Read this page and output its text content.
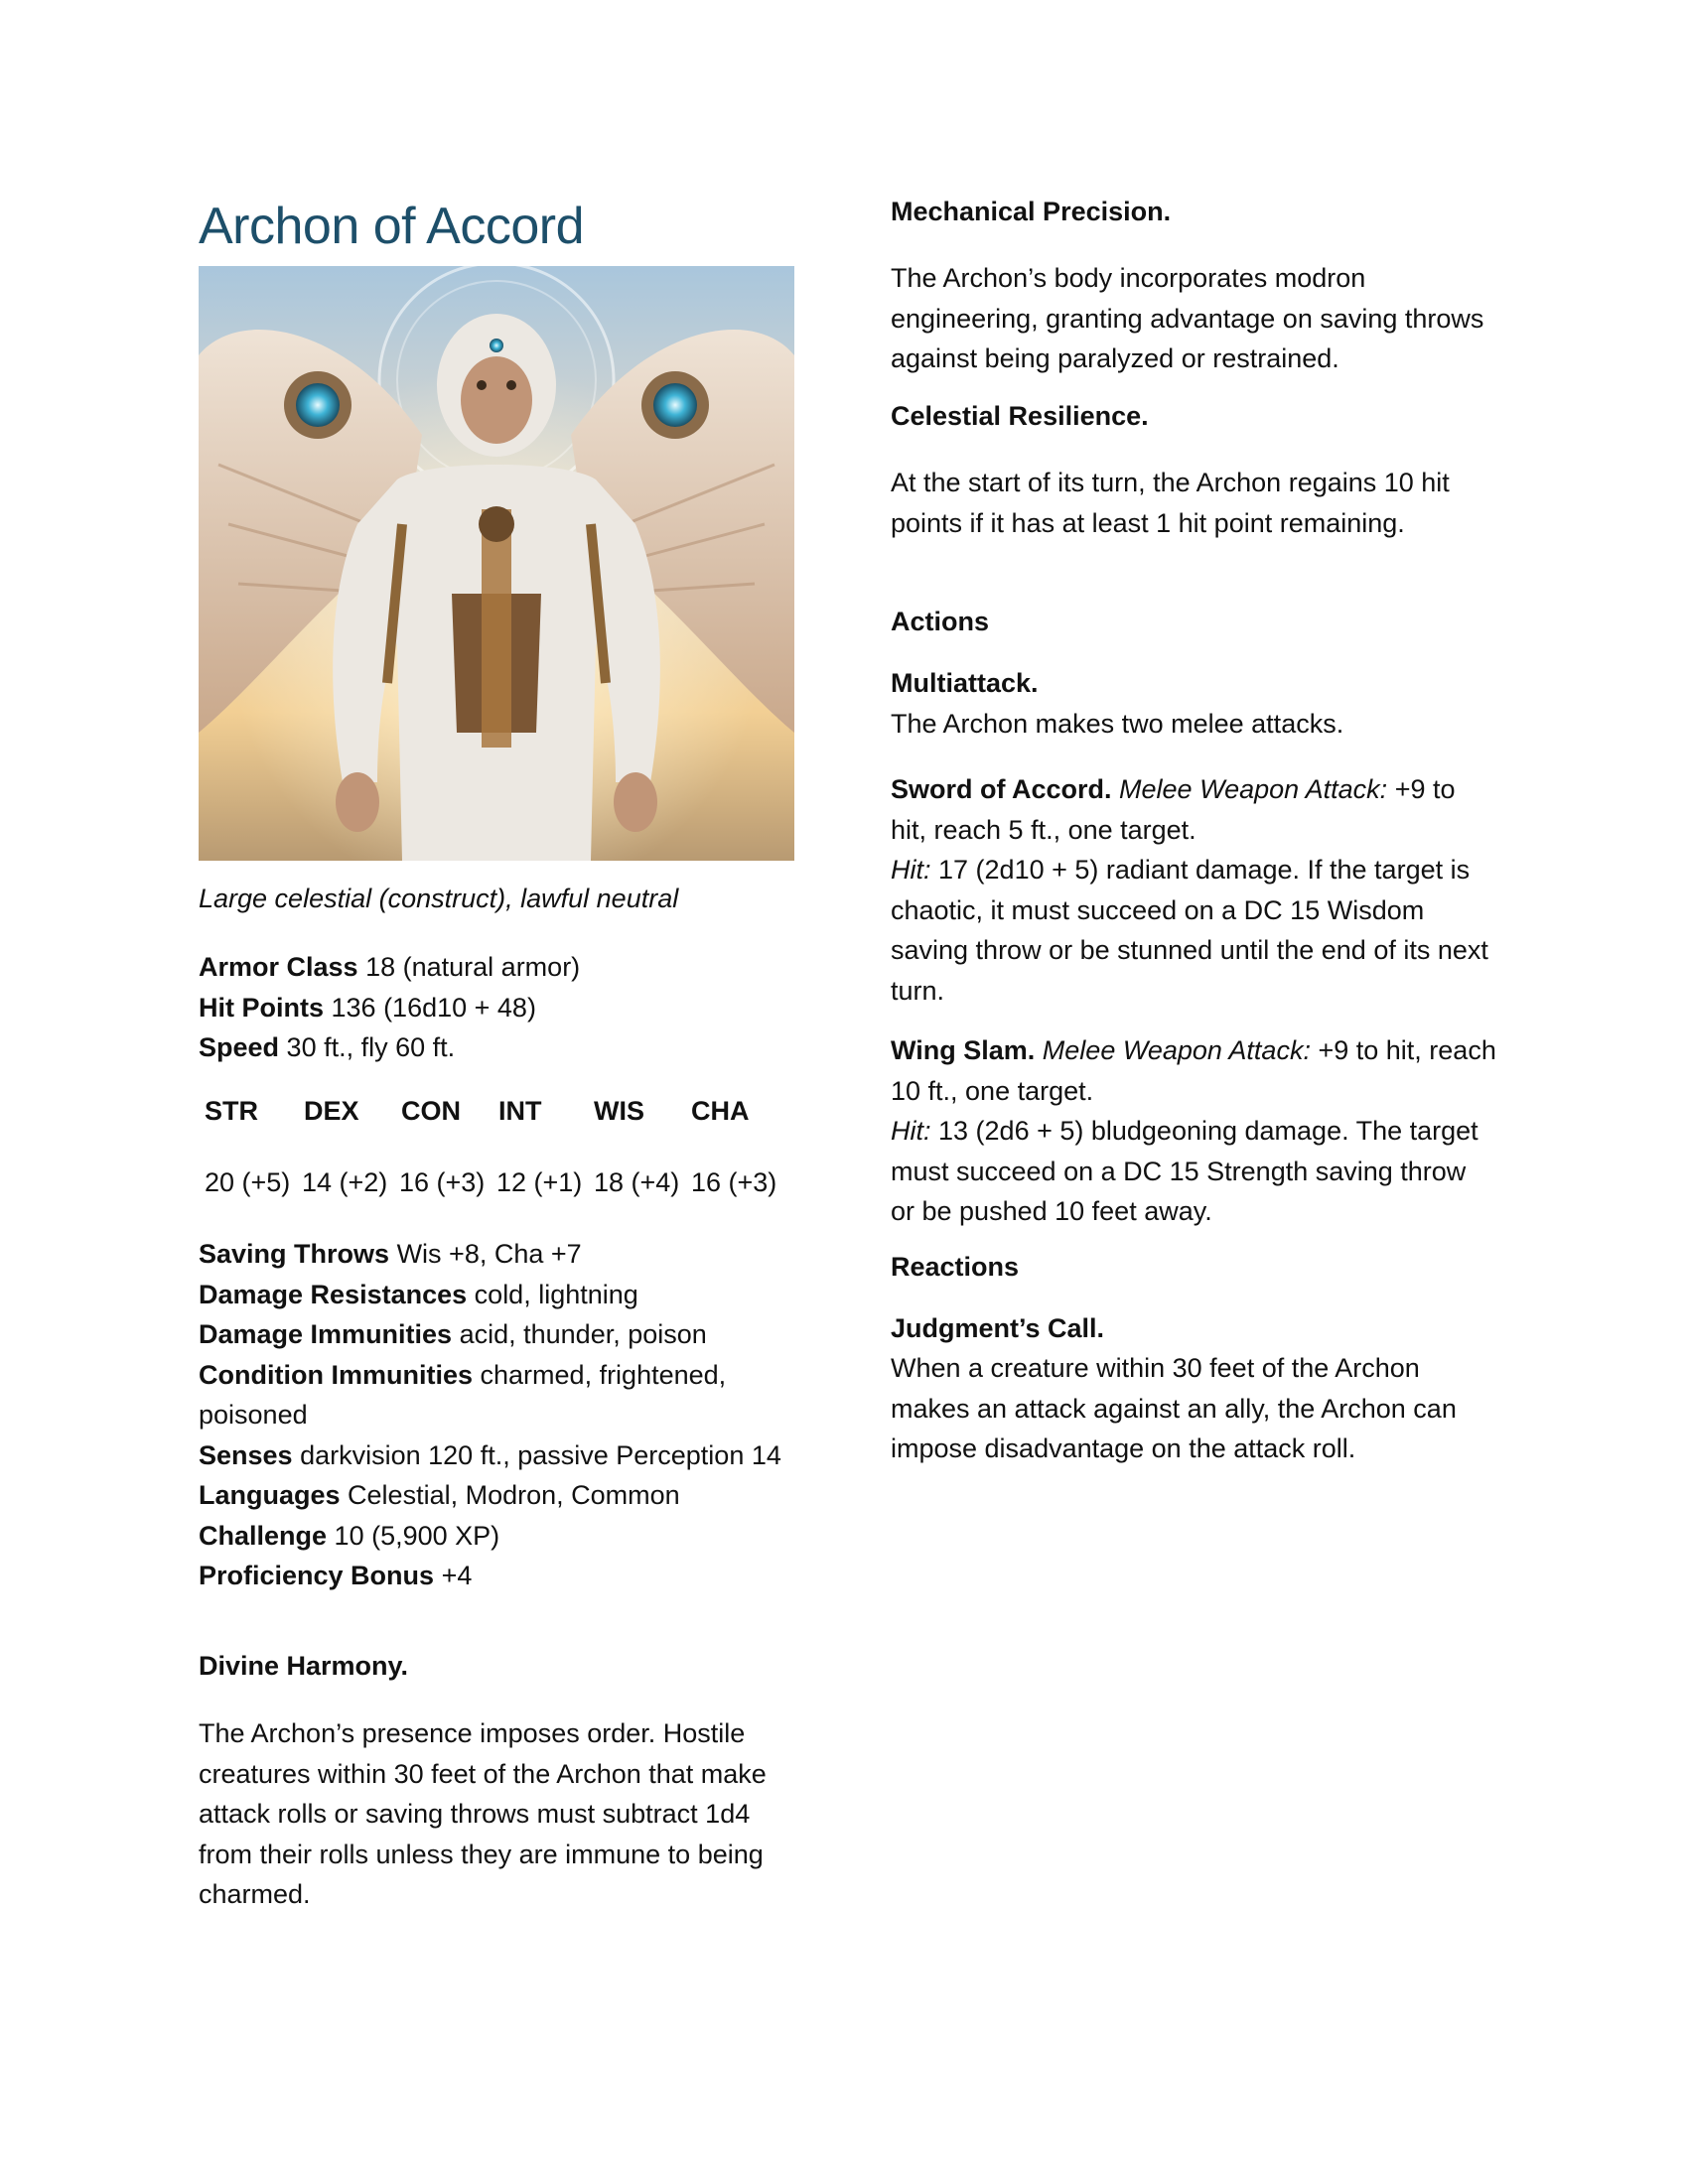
Archon of Accord
Large celestial (construct), lawful neutral

Armor Class 18 (natural armor)

Hit Points 136 (16d10 + 48)

Speed 30 ft., fly 60 ft.

STR DEX CON INT WIS CHA
20 (+5) 14 (+2) 16 (+3) 12 (+1) 18 (+4) 16 (+3)

Saving Throws Wis +8, Cha +7

Damage Resistances cold, lightning

Damage Immunities acid, thunder, poison

Condition Immunities charmed, frightened, poisoned

Senses darkvision 120 ft., passive Perception 14

Languages Celestial, Modron, Common

Challenge 10 (5,900 XP)

Proficiency Bonus +4

Divine Harmony.
The Archon’s presence imposes order. Hostile creatures within 30 feet of the Archon that make attack rolls or saving throws must subtract 1d4 from their rolls unless they are immune to being charmed.
Mechanical Precision.
The Archon’s body incorporates modron engineering, granting advantage on saving throws against being paralyzed or restrained.
Celestial Resilience.
At the start of its turn, the Archon regains 10 hit points if it has at least 1 hit point remaining.
Actions
Multiattack.
The Archon makes two melee attacks.

Sword of Accord. Melee Weapon Attack: +9 to hit, reach 5 ft., one target.

Hit: 17 (2d10 + 5) radiant damage. If the target is chaotic, it must succeed on a DC 15 Wisdom saving throw or be stunned until the end of its next turn.

Wing Slam. Melee Weapon Attack: +9 to hit, reach 10 ft., one target.

Hit: 13 (2d6 + 5) bludgeoning damage. The target must succeed on a DC 15 Strength saving throw or be pushed 10 feet away.

Reactions
Judgment’s Call.
When a creature within 30 feet of the Archon makes an attack against an ally, the Archon can impose disadvantage on the attack roll.
